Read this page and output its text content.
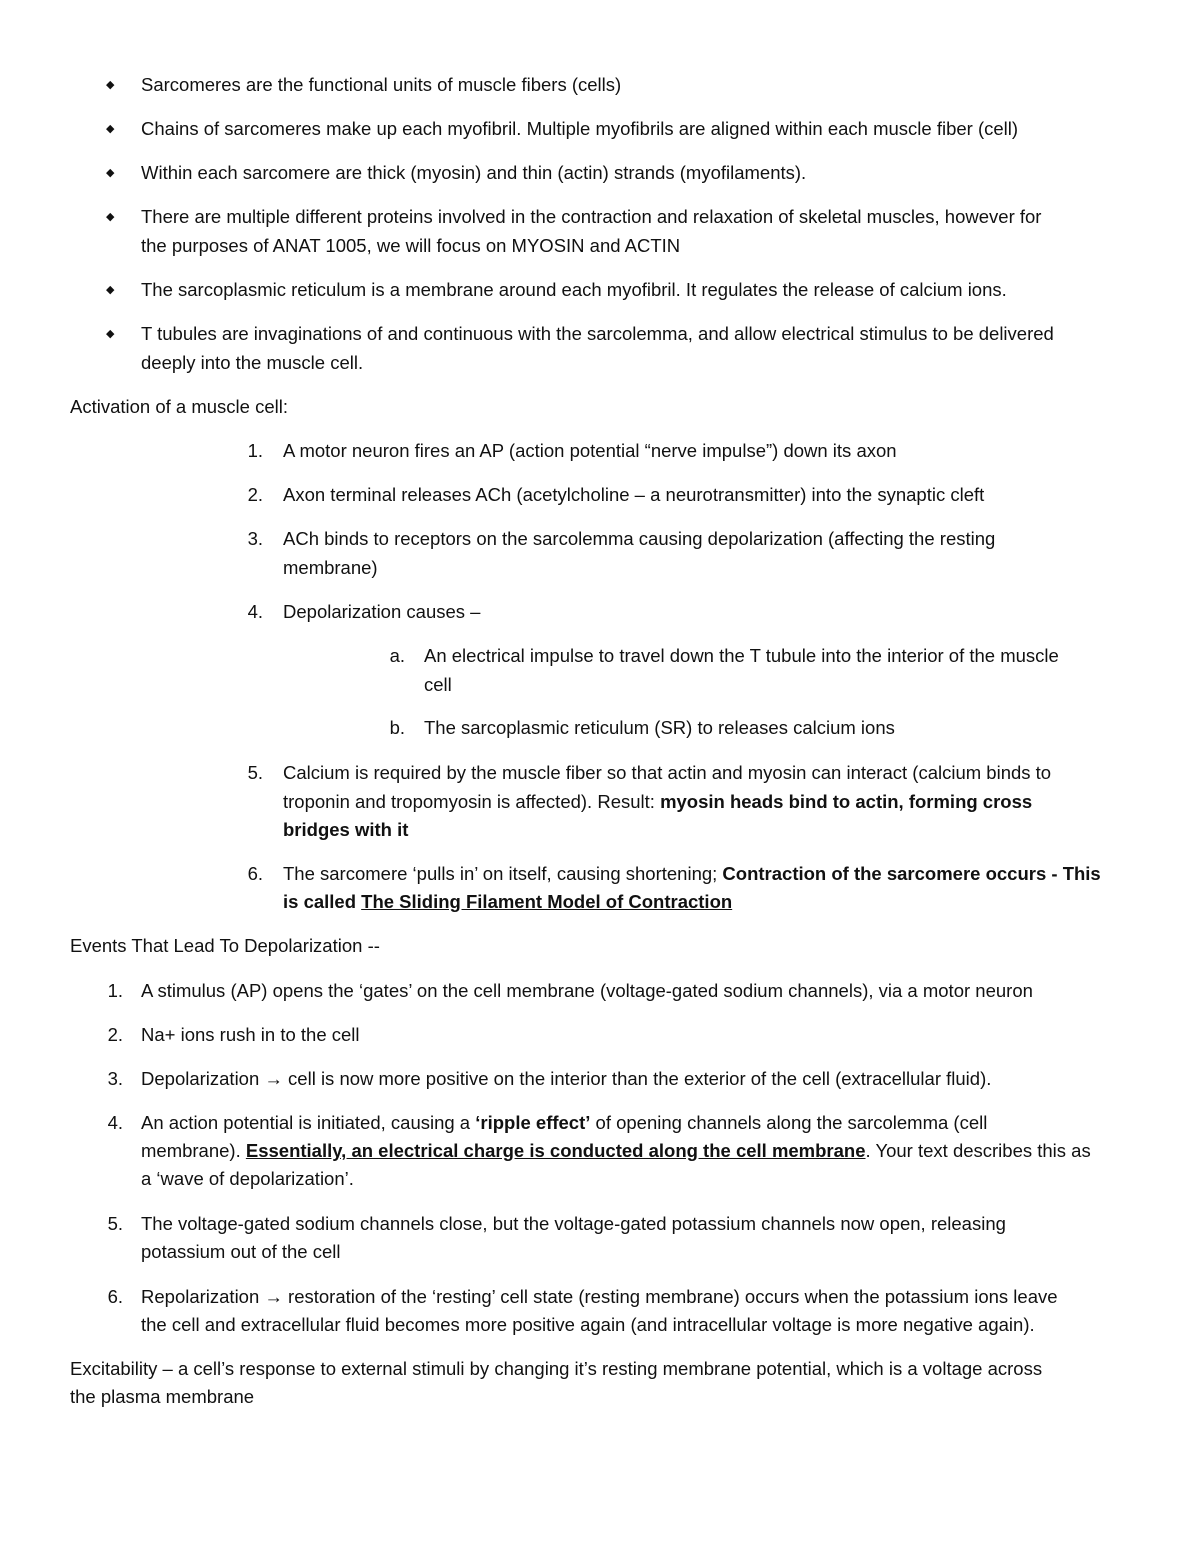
◆ Sarcomeres are the functional units of muscle fibers (cells)
◆ Chains of sarcomeres make up each myofibril. Multiple myofibrils are aligned within each muscle fiber (cell)
◆ Within each sarcomere are thick (myosin) and thin (actin) strands (myofilaments).
◆ There are multiple different proteins involved in the contraction and relaxation of skeletal muscles, however for
the purposes of ANAT 1005, we will focus on MYOSIN and ACTIN
◆ The sarcoplasmic reticulum is a membrane around each myofibril. It regulates the release of calcium ions.
◆ T tubules are invaginations of and continuous with the sarcolemma, and allow electrical stimulus to be delivered
deeply into the muscle cell.
Activation of a muscle cell:
1. A motor neuron fires an AP (action potential “nerve impulse”) down its axon
2. Axon terminal releases ACh (acetylcholine – a neurotransmitter) into the synaptic cleft
3. ACh binds to receptors on the sarcolemma causing depolarization (affecting the resting
membrane)
4. Depolarization causes –
a. An electrical impulse to travel down the T tubule into the interior of the muscle
cell
b. The sarcoplasmic reticulum (SR) to releases calcium ions
5. Calcium is required by the muscle fiber so that actin and myosin can interact (calcium binds to
troponin and tropomyosin is affected). Result: myosin heads bind to actin, forming cross
bridges with it
6. The sarcomere ‘pulls in’ on itself, causing shortening; Contraction of the sarcomere occurs - This
is called The Sliding Filament Model of Contraction
Events That Lead To Depolarization --
1. A stimulus (AP) opens the ‘gates’ on the cell membrane (voltage-gated sodium channels), via a motor neuron
2. Na+ ions rush in to the cell
3. Depolarization → cell is now more positive on the interior than the exterior of the cell (extracellular fluid).
4. An action potential is initiated, causing a ‘ripple effect’ of opening channels along the sarcolemma (cell
membrane). Essentially, an electrical charge is conducted along the cell membrane. Your text describes this as
a ‘wave of depolarization’.
5. The voltage-gated sodium channels close, but the voltage-gated potassium channels now open, releasing
potassium out of the cell
6. Repolarization → restoration of the ‘resting’ cell state (resting membrane) occurs when the potassium ions leave
the cell and extracellular fluid becomes more positive again (and intracellular voltage is more negative again).
Excitability – a cell’s response to external stimuli by changing it’s resting membrane potential, which is a voltage across
the plasma membrane
